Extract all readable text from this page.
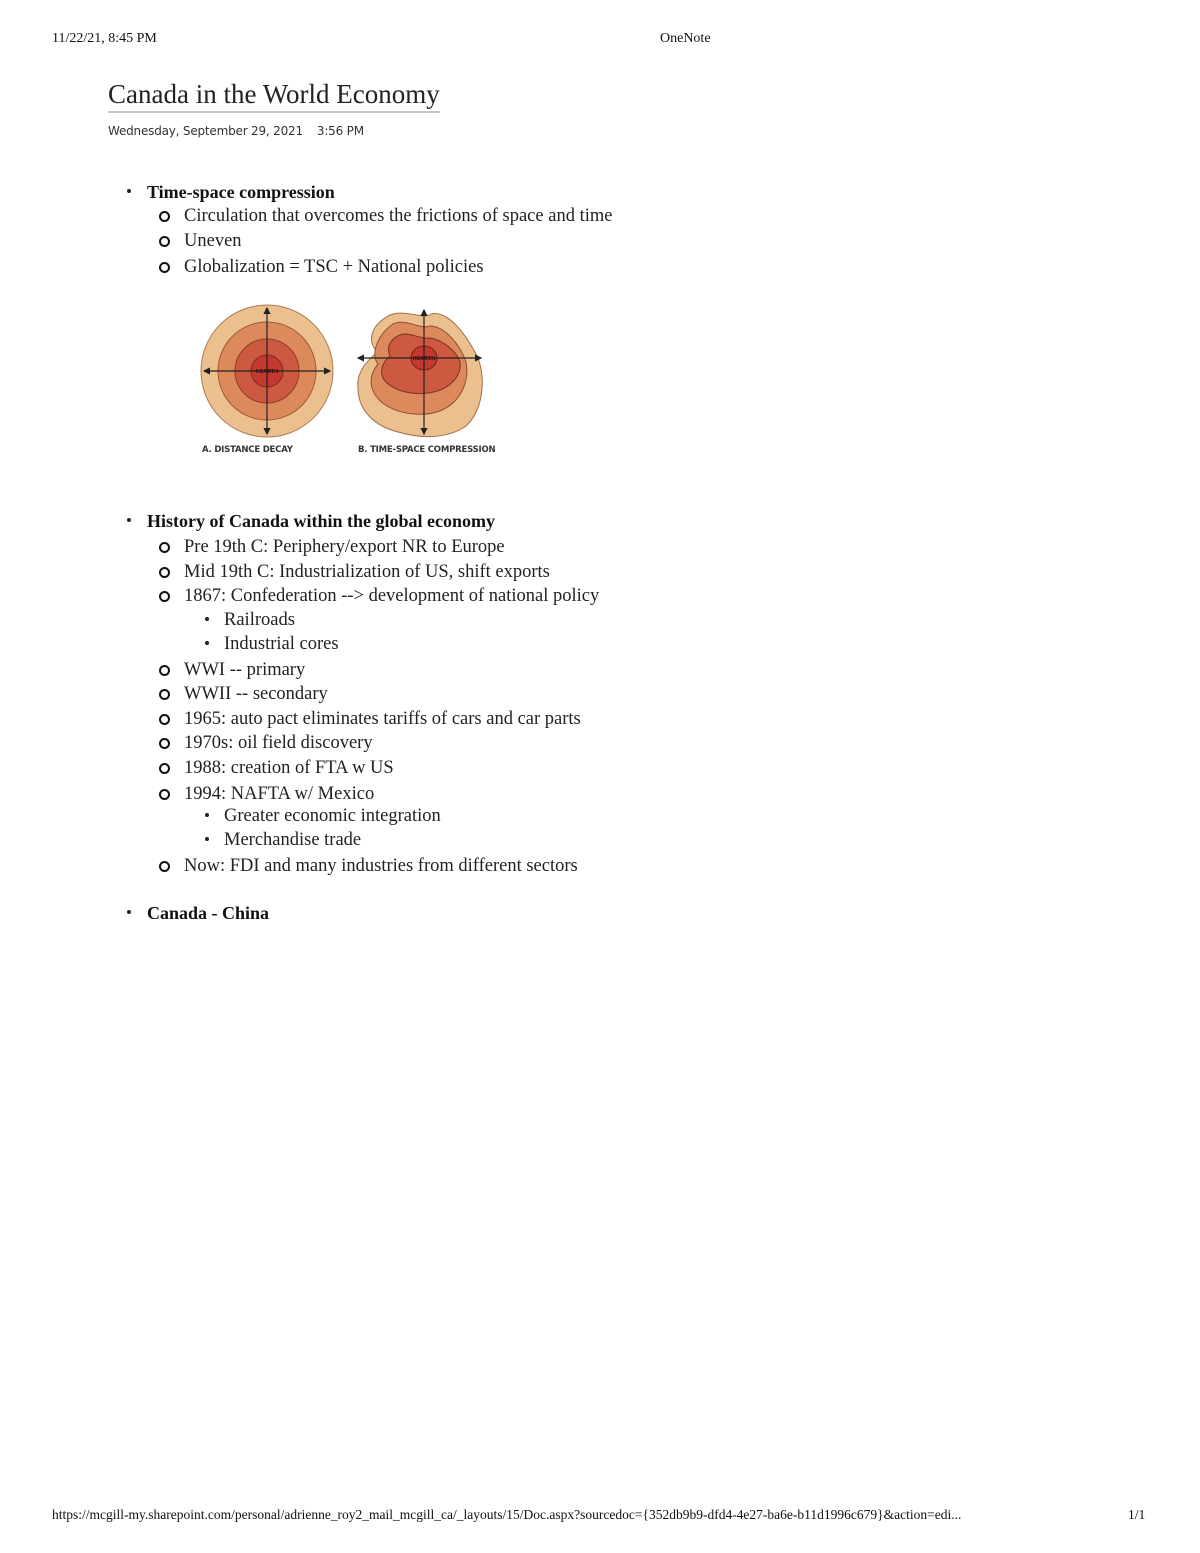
11/22/21, 8:45 PM	OneNote
https://mcgill-my.sharepoint.com/personal/adrienne_roy2_mail_mcgill_ca/_layouts/15/Doc.aspx?sourcedoc={352db9b9-dfd4-4e27-ba6e-b11d1996c679}&action=edi...	1/1
Canada in the World Economy
Wednesday, September 29, 2021 3:56 PM
Time-space compression
Circulation that overcomes the frictions of space and time
Uneven
Globalization = TSC + National policies
HEARTH
HEARTH
A. DISTANCE DECAY	B. TIME-SPACE COMPRESSION
History of Canada within the global economy
Pre 19th C: Periphery/export NR to Europe
Mid 19th C: Industrialization of US, shift exports
1867: Confederation --> development of national policy
Railroads
Industrial cores
WWI -- primary
WWII -- secondary
1965: auto pact eliminates tariffs of cars and car parts
1970s: oil field discovery
1988: creation of FTA w US
1994: NAFTA w/ Mexico
Greater economic integration
Merchandise trade
Now: FDI and many industries from different sectors
Canada - China
